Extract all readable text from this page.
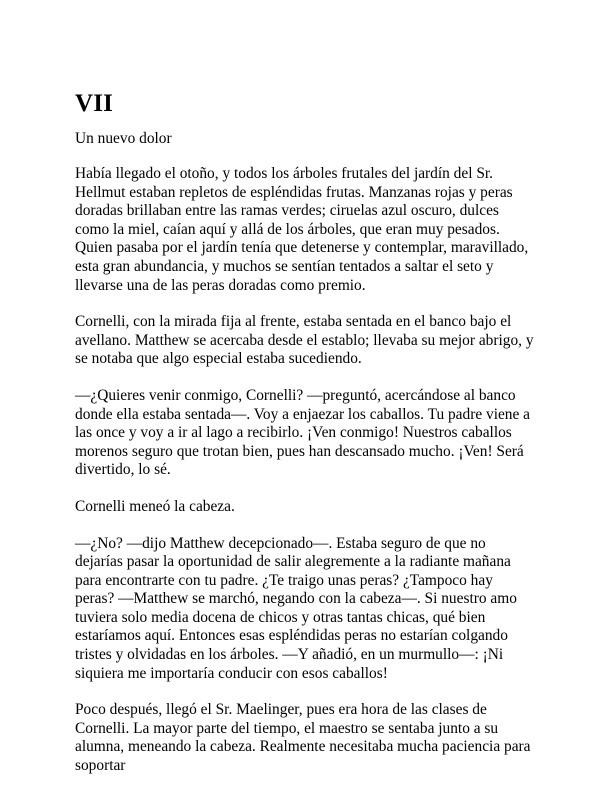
VII

Un nuevo dolor

Había llegado el otoño, y todos los árboles frutales del jardín del Sr. Hellmut estaban repletos de espléndidas frutas. Manzanas rojas y peras doradas brillaban entre las ramas verdes; ciruelas azul oscuro, dulces como la miel, caían aquí y allá de los árboles, que eran muy pesados. Quien pasaba por el jardín tenía que detenerse y contemplar, maravillado, esta gran abundancia, y muchos se sentían tentados a saltar el seto y llevarse una de las peras doradas como premio.

Cornelli, con la mirada fija al frente, estaba sentada en el banco bajo el avellano. Matthew se acercaba desde el establo; llevaba su mejor abrigo, y se notaba que algo especial estaba sucediendo.

—¿Quieres venir conmigo, Cornelli? —preguntó, acercándose al banco donde ella estaba sentada—. Voy a enjaezar los caballos. Tu padre viene a las once y voy a ir al lago a recibirlo. ¡Ven conmigo! Nuestros caballos morenos seguro que trotan bien, pues han descansado mucho. ¡Ven! Será divertido, lo sé.

Cornelli meneó la cabeza.

—¿No? —dijo Matthew decepcionado—. Estaba seguro de que no dejarías pasar la oportunidad de salir alegremente a la radiante mañana para encontrarte con tu padre. ¿Te traigo unas peras? ¿Tampoco hay peras? —Matthew se marchó, negando con la cabeza—. Si nuestro amo tuviera solo media docena de chicos y otras tantas chicas, qué bien estaríamos aquí. Entonces esas espléndidas peras no estarían colgando tristes y olvidadas en los árboles. —Y añadió, en un murmullo—: ¡Ni siquiera me importaría conducir con esos caballos!

Poco después, llegó el Sr. Maelinger, pues era hora de las clases de Cornelli. La mayor parte del tiempo, el maestro se sentaba junto a su alumna, meneando la cabeza. Realmente necesitaba mucha paciencia para soportar
